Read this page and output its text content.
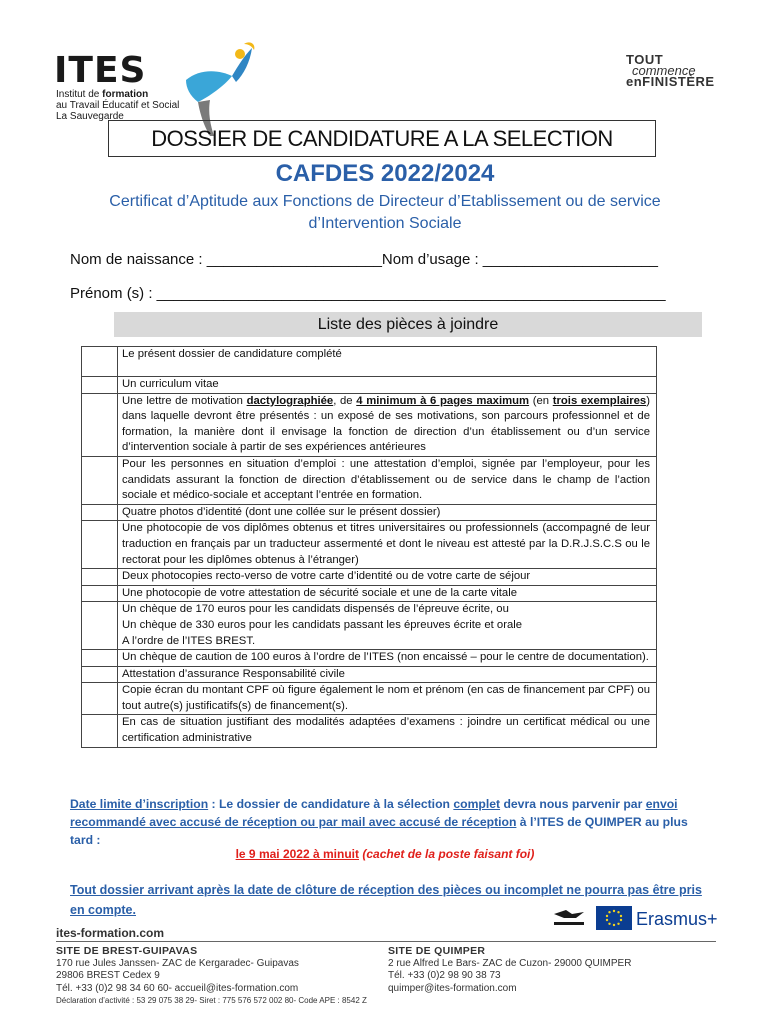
ITES
Institut de formation
au Travail Éducatif et Social
La Sauvegarde
TOUT
commence
enFINISTÈRE
DOSSIER DE CANDIDATURE A LA SELECTION
CAFDES 2022/2024
Certificat d’Aptitude aux Fonctions de Directeur d’Etablissement ou de service d’Intervention Sociale
Nom de naissance : _____________________Nom d’usage : _____________________
Prénom (s) : _____________________________________________________________
Liste des pièces à joindre
	Le présent dossier de candidature complété
	Un curriculum vitae
	Une lettre de motivation dactylographiée, de 4 minimum à 6 pages maximum (en trois exemplaires) dans laquelle devront être présentés : un exposé de ses motivations, son parcours professionnel et de formation, la manière dont il envisage la fonction de direction d’un établissement ou d’un service d’intervention sociale à partir de ses expériences antérieures
	Pour les personnes en situation d’emploi : une attestation d’emploi, signée par l’employeur, pour les candidats assurant la fonction de direction d’établissement ou de service dans le champ de l’action sociale et médico-sociale et acceptant l’entrée en formation.
	Quatre photos d’identité (dont une collée sur le présent dossier)
	Une photocopie de vos diplômes obtenus et titres universitaires ou professionnels (accompagné de leur traduction en français par un traducteur assermenté et dont le niveau est attesté par la D.R.J.S.C.S ou le rectorat pour les diplômes obtenus à l’étranger)
	Deux photocopies recto-verso de votre carte d’identité ou de votre carte de séjour
	Une photocopie de votre attestation de sécurité sociale et une de la carte vitale
	Un chèque de 170 euros pour les candidats dispensés de l’épreuve écrite, ou
Un chèque de 330 euros pour les candidats passant les épreuves écrite et orale
A l’ordre de l’ITES BREST.
	Un chèque de caution de 100 euros à l’ordre de l’ITES (non encaissé – pour le centre de documentation).
	Attestation d’assurance Responsabilité civile
	Copie écran du montant CPF où figure également le nom et prénom (en cas de financement par CPF) ou tout autre(s) justificatifs(s) de financement(s).
	En cas de situation justifiant des modalités adaptées d’examens : joindre un certificat médical ou une certification administrative
Date limite d’inscription : Le dossier de candidature à la sélection complet devra nous parvenir par envoi recommandé avec accusé de réception ou par mail avec accusé de réception à l’ITES de QUIMPER au plus tard :
le 9 mai 2022 à minuit (cachet de la poste faisant foi)
Tout dossier arrivant après la date de clôture de réception des pièces ou incomplet ne pourra pas être pris en compte.
ites-formation.com
Erasmus+
SITE DE BREST-GUIPAVAS
170 rue Jules Janssen- ZAC de Kergaradec- Guipavas
29806 BREST Cedex 9
Tél. +33 (0)2 98 34 60 60- accueil@ites-formation.com
SITE DE QUIMPER
2 rue Alfred Le Bars- ZAC de Cuzon- 29000 QUIMPER
Tél. +33 (0)2 98 90 38 73
quimper@ites-formation.com
Déclaration d’activité : 53 29 075 38 29- Siret : 775 576 572 002 80- Code APE : 8542 Z
